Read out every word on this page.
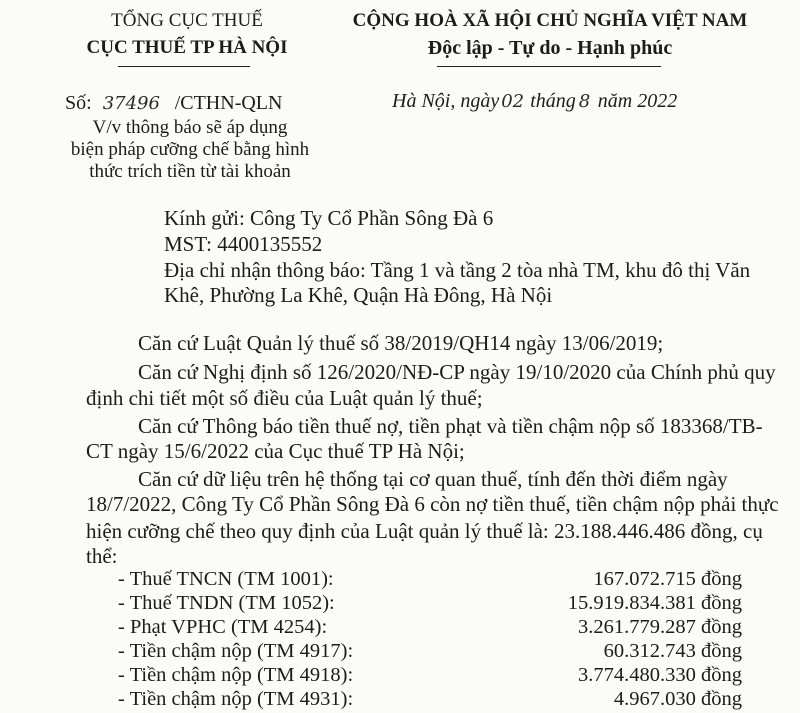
TỔNG CỤC THUẾ
CỤC THUẾ TP HÀ NỘI
Số: 37496 /CTHN-QLN
V/v thông báo sẽ áp dụng
biện pháp cưỡng chế bằng hình
thức trích tiền từ tài khoản
CỘNG HOÀ XÃ HỘI CHỦ NGHĨA VIỆT NAM
Độc lập - Tự do - Hạnh phúc
Hà Nội, ngày 02 tháng 8 năm 2022
Kính gửi: Công Ty Cổ Phần Sông Đà 6
MST: 4400135552
Địa chỉ nhận thông báo: Tầng 1 và tầng 2 tòa nhà TM, khu đô thị Văn
Khê, Phường La Khê, Quận Hà Đông, Hà Nội
Căn cứ Luật Quản lý thuế số 38/2019/QH14 ngày 13/06/2019;
Căn cứ Nghị định số 126/2020/NĐ-CP ngày 19/10/2020 của Chính phủ quy
định chi tiết một số điều của Luật quản lý thuế;
Căn cứ Thông báo tiền thuế nợ, tiền phạt và tiền chậm nộp số 183368/TB-
CT ngày 15/6/2022 của Cục thuế TP Hà Nội;
Căn cứ dữ liệu trên hệ thống tại cơ quan thuế, tính đến thời điểm ngày
18/7/2022, Công Ty Cổ Phần Sông Đà 6 còn nợ tiền thuế, tiền chậm nộp phải thực
hiện cưỡng chế theo quy định của Luật quản lý thuế là: 23.188.446.486 đồng, cụ
thể:
- Thuế TNCN (TM 1001):	167.072.715 đồng
- Thuế TNDN (TM 1052):	15.919.834.381 đồng
- Phạt VPHC (TM 4254):	3.261.779.287 đồng
- Tiền chậm nộp (TM 4917):	60.312.743 đồng
- Tiền chậm nộp (TM 4918):	3.774.480.330 đồng
- Tiền chậm nộp (TM 4931):	4.967.030 đồng
